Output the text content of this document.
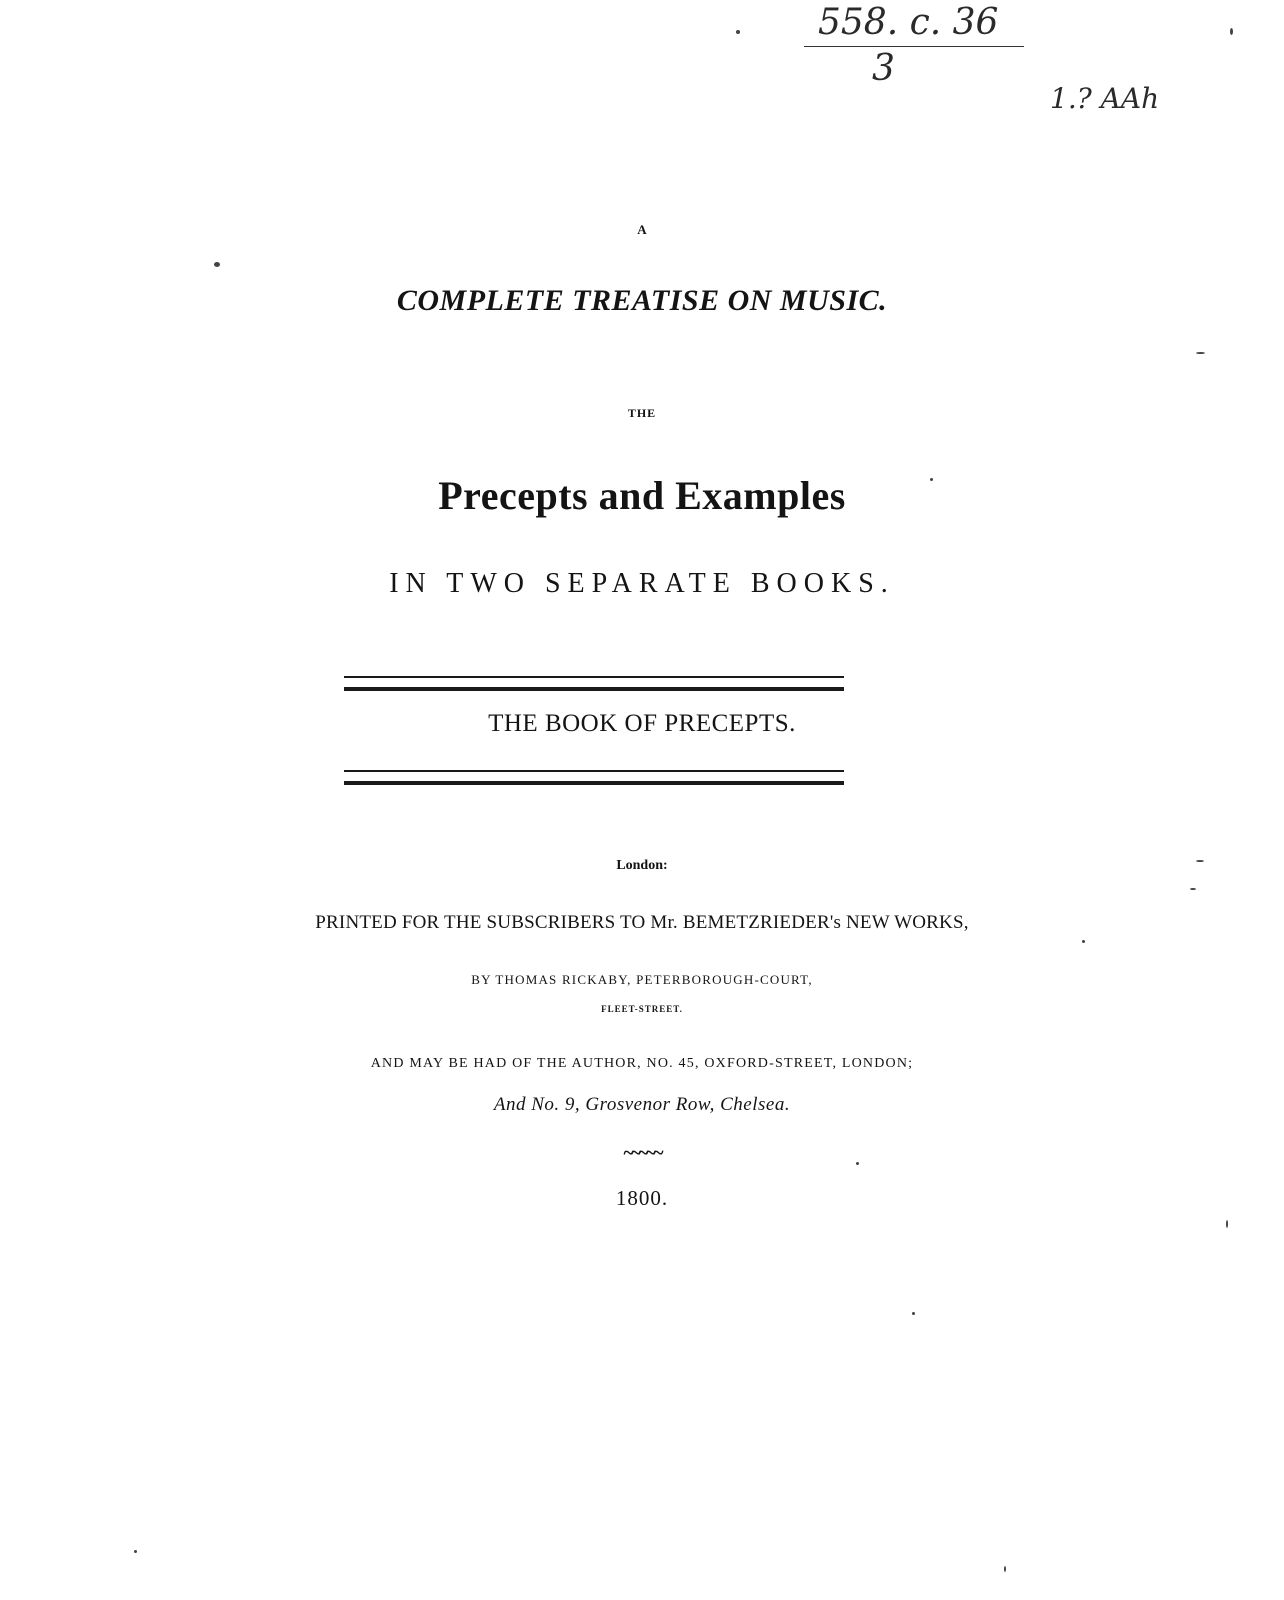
558. c. 36
3
1.? AAh
A
COMPLETE TREATISE ON MUSIC.
THE
Precepts and Examples
IN TWO SEPARATE BOOKS.
THE BOOK OF PRECEPTS.
London:
PRINTED FOR THE SUBSCRIBERS TO Mr. BEMETZRIEDER's NEW WORKS,
BY THOMAS RICKABY, PETERBOROUGH-COURT,
FLEET-STREET.
AND MAY BE HAD OF THE AUTHOR, NO. 45, OXFORD-STREET, LONDON;
And No. 9, Grosvenor Row, Chelsea.
~~~~~
1800.
